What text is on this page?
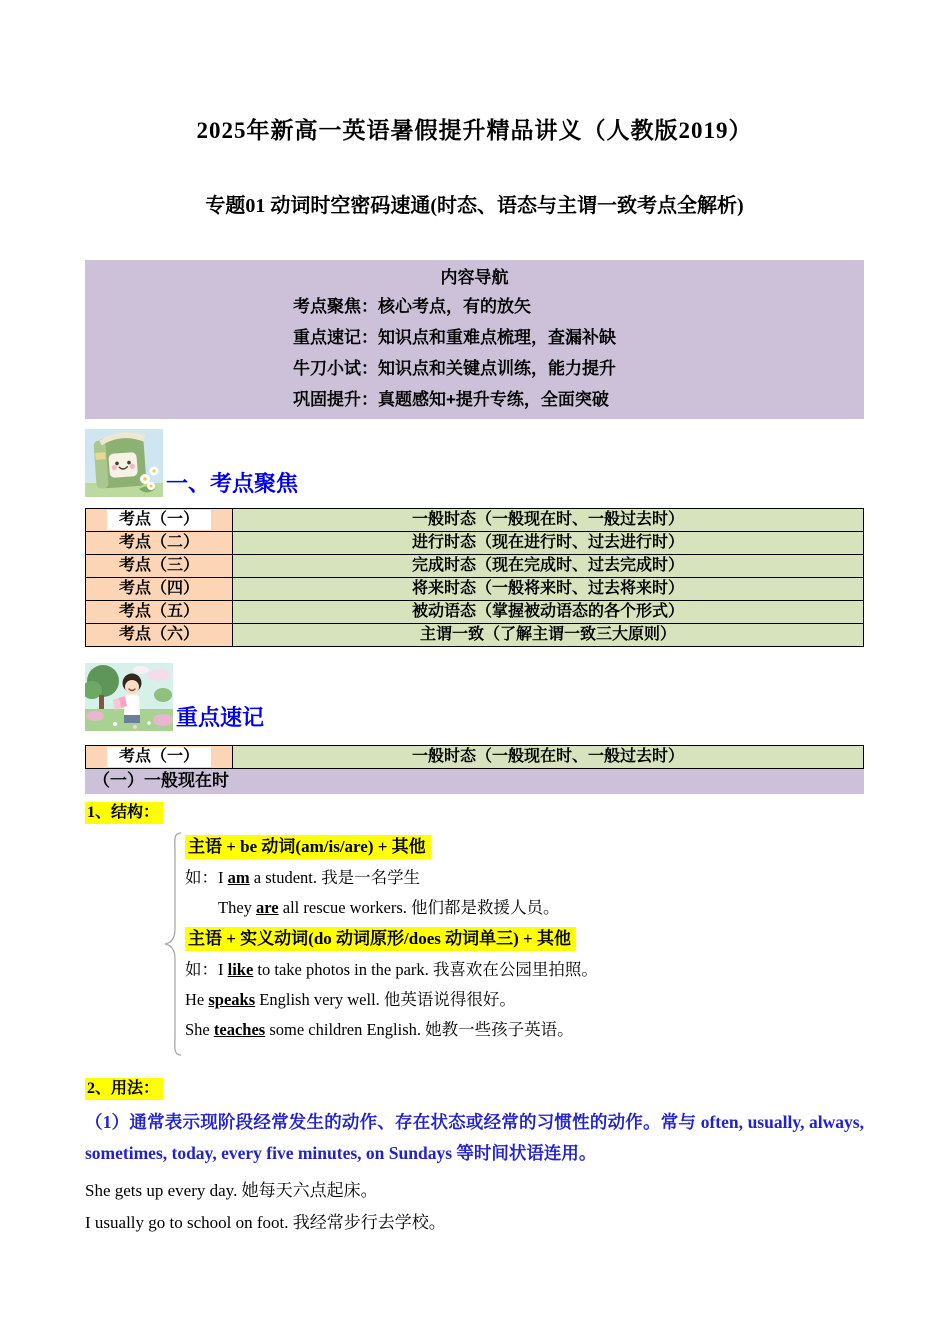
2025年新高一英语暑假提升精品讲义（人教版2019）
专题01 动词时空密码速通(时态、语态与主谓一致考点全解析)
内容导航
考点聚焦：核心考点，有的放矢
重点速记：知识点和重难点梳理，查漏补缺
牛刀小试：知识点和关键点训练，能力提升
巩固提升：真题感知+提升专练，全面突破
一、考点聚焦
考点（一）	一般时态（一般现在时、一般过去时）
考点（二）	进行时态（现在进行时、过去进行时）
考点（三）	完成时态（现在完成时、过去完成时）
考点（四）	将来时态（一般将来时、过去将来时）
考点（五）	被动语态（掌握被动语态的各个形式）
考点（六）	主谓一致（了解主谓一致三大原则）
重点速记
考点（一）	一般时态（一般现在时、一般过去时）
（一）一般现在时
1、结构：
主语 + be 动词(am/is/are) + 其他
如：I am a student. 我是一名学生
They are all rescue workers. 他们都是救援人员。
主语 + 实义动词(do 动词原形/does 动词单三) + 其他
如：I like to take photos in the park. 我喜欢在公园里拍照。
He speaks English very well. 他英语说得很好。
She teaches some children English. 她教一些孩子英语。
2、用法：

（1）通常表示现阶段经常发生的动作、存在状态或经常的习惯性的动作。常与 often, usually, always, sometimes, today, every five minutes, on Sundays 等时间状语连用。

She gets up every day. 她每天六点起床。

I usually go to school on foot. 我经常步行去学校。
